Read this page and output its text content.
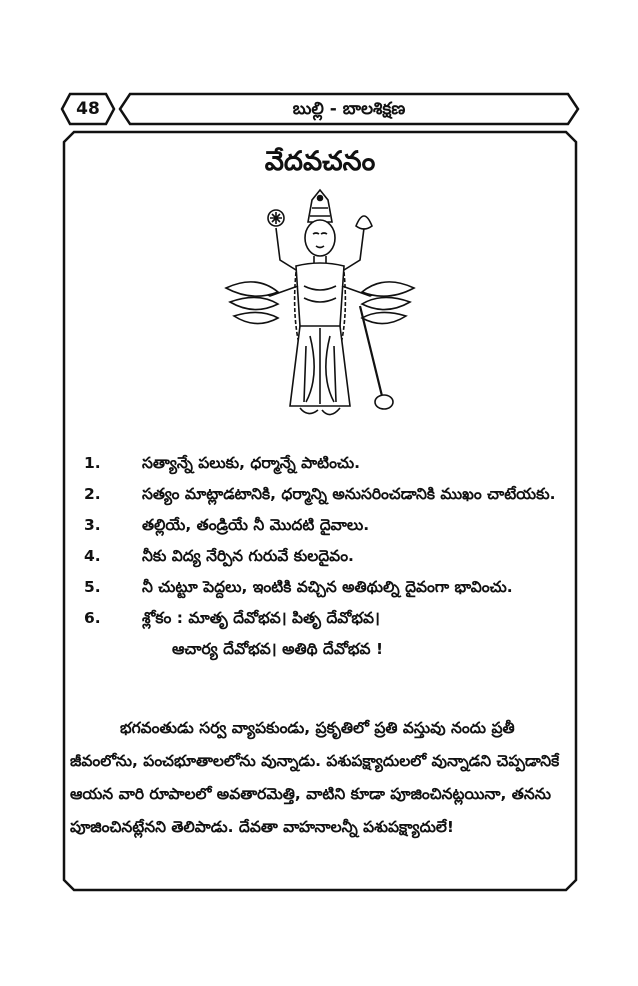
48	బుల్లి - బాలశిక్షణ
వేదవచనం
1.	సత్యాన్నే పలుకు, ధర్మాన్నే పాటించు.
2.	సత్యం మాట్లాడటానికి, ధర్మాన్ని అనుసరించడానికి ముఖం చాటేయకు.
3.	తల్లియే, తండ్రియే నీ మొదటి దైవాలు.
4.	నీకు విద్య నేర్పిన గురువే కులదైవం.
5.	నీ చుట్టూ పెద్దలు, ఇంటికి వచ్చిన అతిథుల్ని దైవంగా భావించు.
6.	శ్లోకం : మాతృ దేవోభవ। పితృ దేవోభవ।
ఆచార్య దేవోభవ। అతిథి దేవోభవ !

భగవంతుడు సర్వ వ్యాపకుండు, ప్రకృతిలో ప్రతి వస్తువు నందు ప్రతీ జీవంలోను, పంచభూతాలలోను వున్నాడు. పశుపక్ష్యాదులలో వున్నాడని చెప్పడానికే ఆయన వారి రూపాలలో అవతారమెత్తి, వాటిని కూడా పూజించినట్లయినా, తనను పూజించినట్లేనని తెలిపాడు. దేవతా వాహనాలన్నీ పశుపక్ష్యాదులే!
